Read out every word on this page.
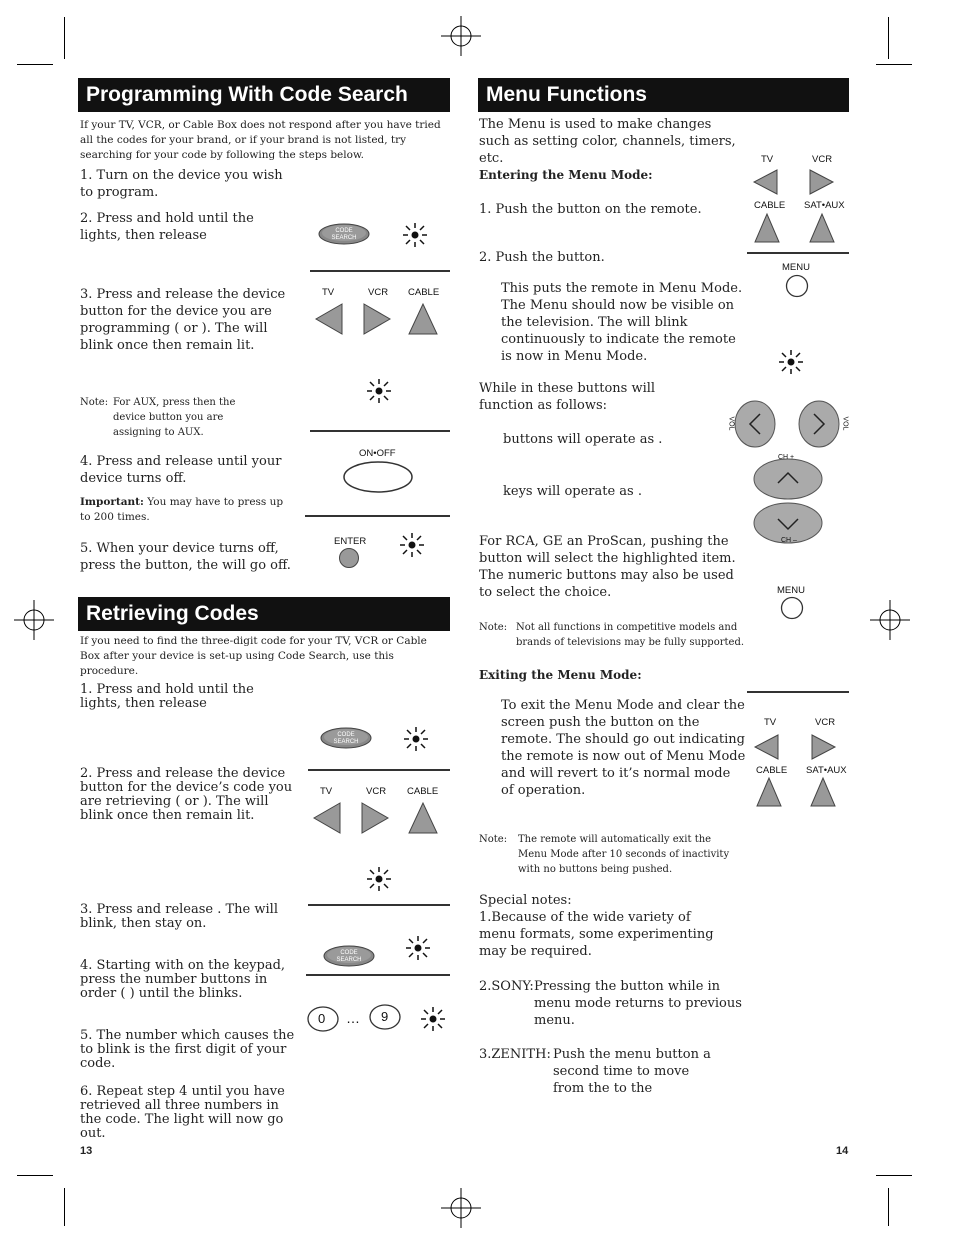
Programming With Code Search
If your TV, VCR, or Cable Box does not respond after you have tried all the codes for your brand, or if your brand is not listed, try searching for your code by following the steps below.
1. Turn on the device you wish to program.
2. Press and hold until the lights, then release	CODE
SEARCH
3. Press and release the device button for the device you are programming ( or ). The will blink once then remain lit.
TV	VCR CABLE
Note: For AUX, press then the device button you are assigning to AUX.
4. Press and release until your device turns off.
ON•OFF
Important: You may have to press up to 200 times.
5. When your device turns off, press the button, the will go off.
ENTER
Retrieving Codes
If you need to find the three-digit code for your TV, VCR or Cable Box after your device is set-up using Code Search, use this procedure.
1. Press and hold until the lights, then release
CODE
SEARCH
2. Press and release the device button for the device’s code you are retrieving ( or ). The will blink once then remain lit.
TV	VCR CABLE
3. Press and release . The will blink, then stay on.
CODE
SEARCH
4. Starting with on the keypad, press the number buttons in order ( ) until the blinks.
0 … 9
5. The number which causes the to blink is the first digit of your code.
6. Repeat step 4 until you have retrieved all three numbers in the code. The light will now go out.
13
Menu Functions
The Menu is used to make changes such as setting color, channels, timers, etc.
Entering the Menu Mode:
TV	VCR
CABLE SAT•AUX
1. Push the button on the remote.
2. Push the button.
MENU
This puts the remote in Menu Mode. The Menu should now be visible on the television. The will blink continuously to indicate the remote is now in Menu Mode.
While in these buttons will function as follows:
VOL	VOL
CH +
CH –
buttons will operate as .
keys will operate as .
For RCA, GE an ProScan, pushing the button will select the highlighted item. The numeric buttons may also be used to select the choice.	MENU
Note: Not all functions in competitive models and brands of televisions may be fully supported.
Exiting the Menu Mode:
TV	VCR
CABLE SAT•AUX
To exit the Menu Mode and clear the screen push the button on the remote. The should go out indicating the remote is now out of Menu Mode and will revert to it’s normal mode of operation.
Note: The remote will automatically exit the Menu Mode after 10 seconds of inactivity with no buttons being pushed.
Special notes:
1.Because of the wide variety of menu formats, some experimenting may be required.
2.SONY: Pressing the button while in menu mode returns to previous menu.
3.ZENITH: Push the menu button a second time to move from the to the
14
